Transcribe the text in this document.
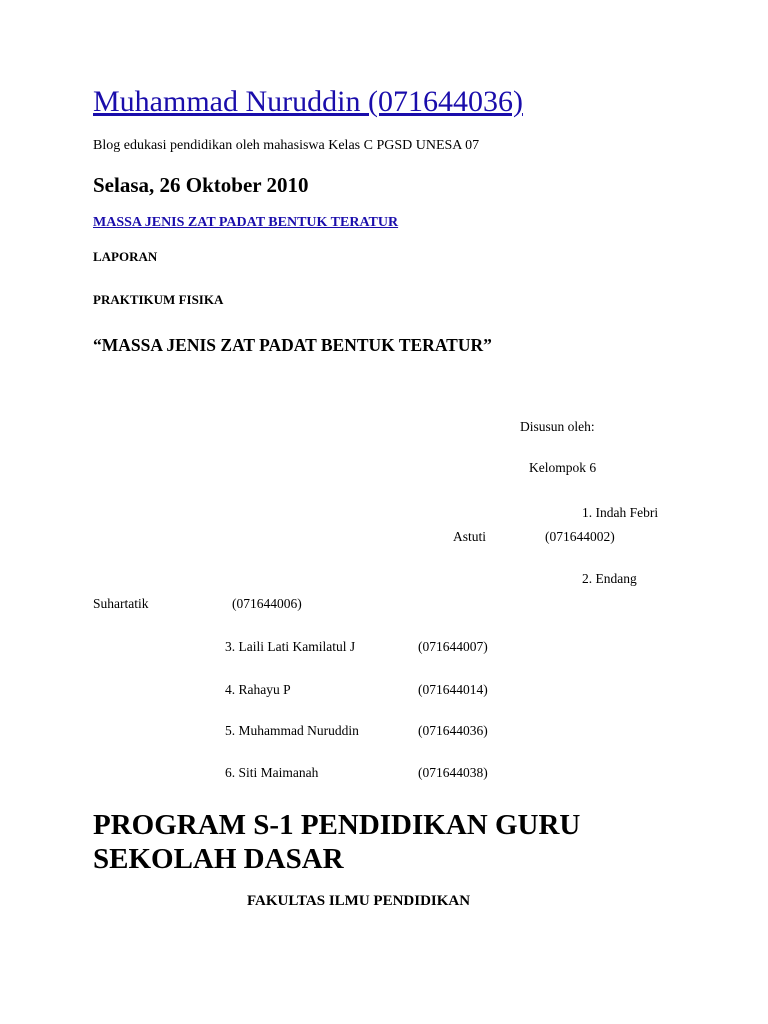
Muhammad Nuruddin (071644036)
Blog edukasi pendidikan oleh mahasiswa Kelas C PGSD UNESA 07
Selasa, 26 Oktober 2010
MASSA JENIS ZAT PADAT BENTUK TERATUR
LAPORAN
PRAKTIKUM FISIKA
“MASSA JENIS ZAT PADAT BENTUK TERATUR”
Disusun oleh:
Kelompok 6
1. Indah Febri
Astuti	(071644002)
2. Endang
Suhartatik	(071644006)
3. Laili Lati Kamilatul J	(071644007)
4. Rahayu P	(071644014)
5. Muhammad Nuruddin	(071644036)
6. Siti Maimanah	(071644038)
PROGRAM S-1 PENDIDIKAN GURU SEKOLAH DASAR
FAKULTAS ILMU PENDIDIKAN
